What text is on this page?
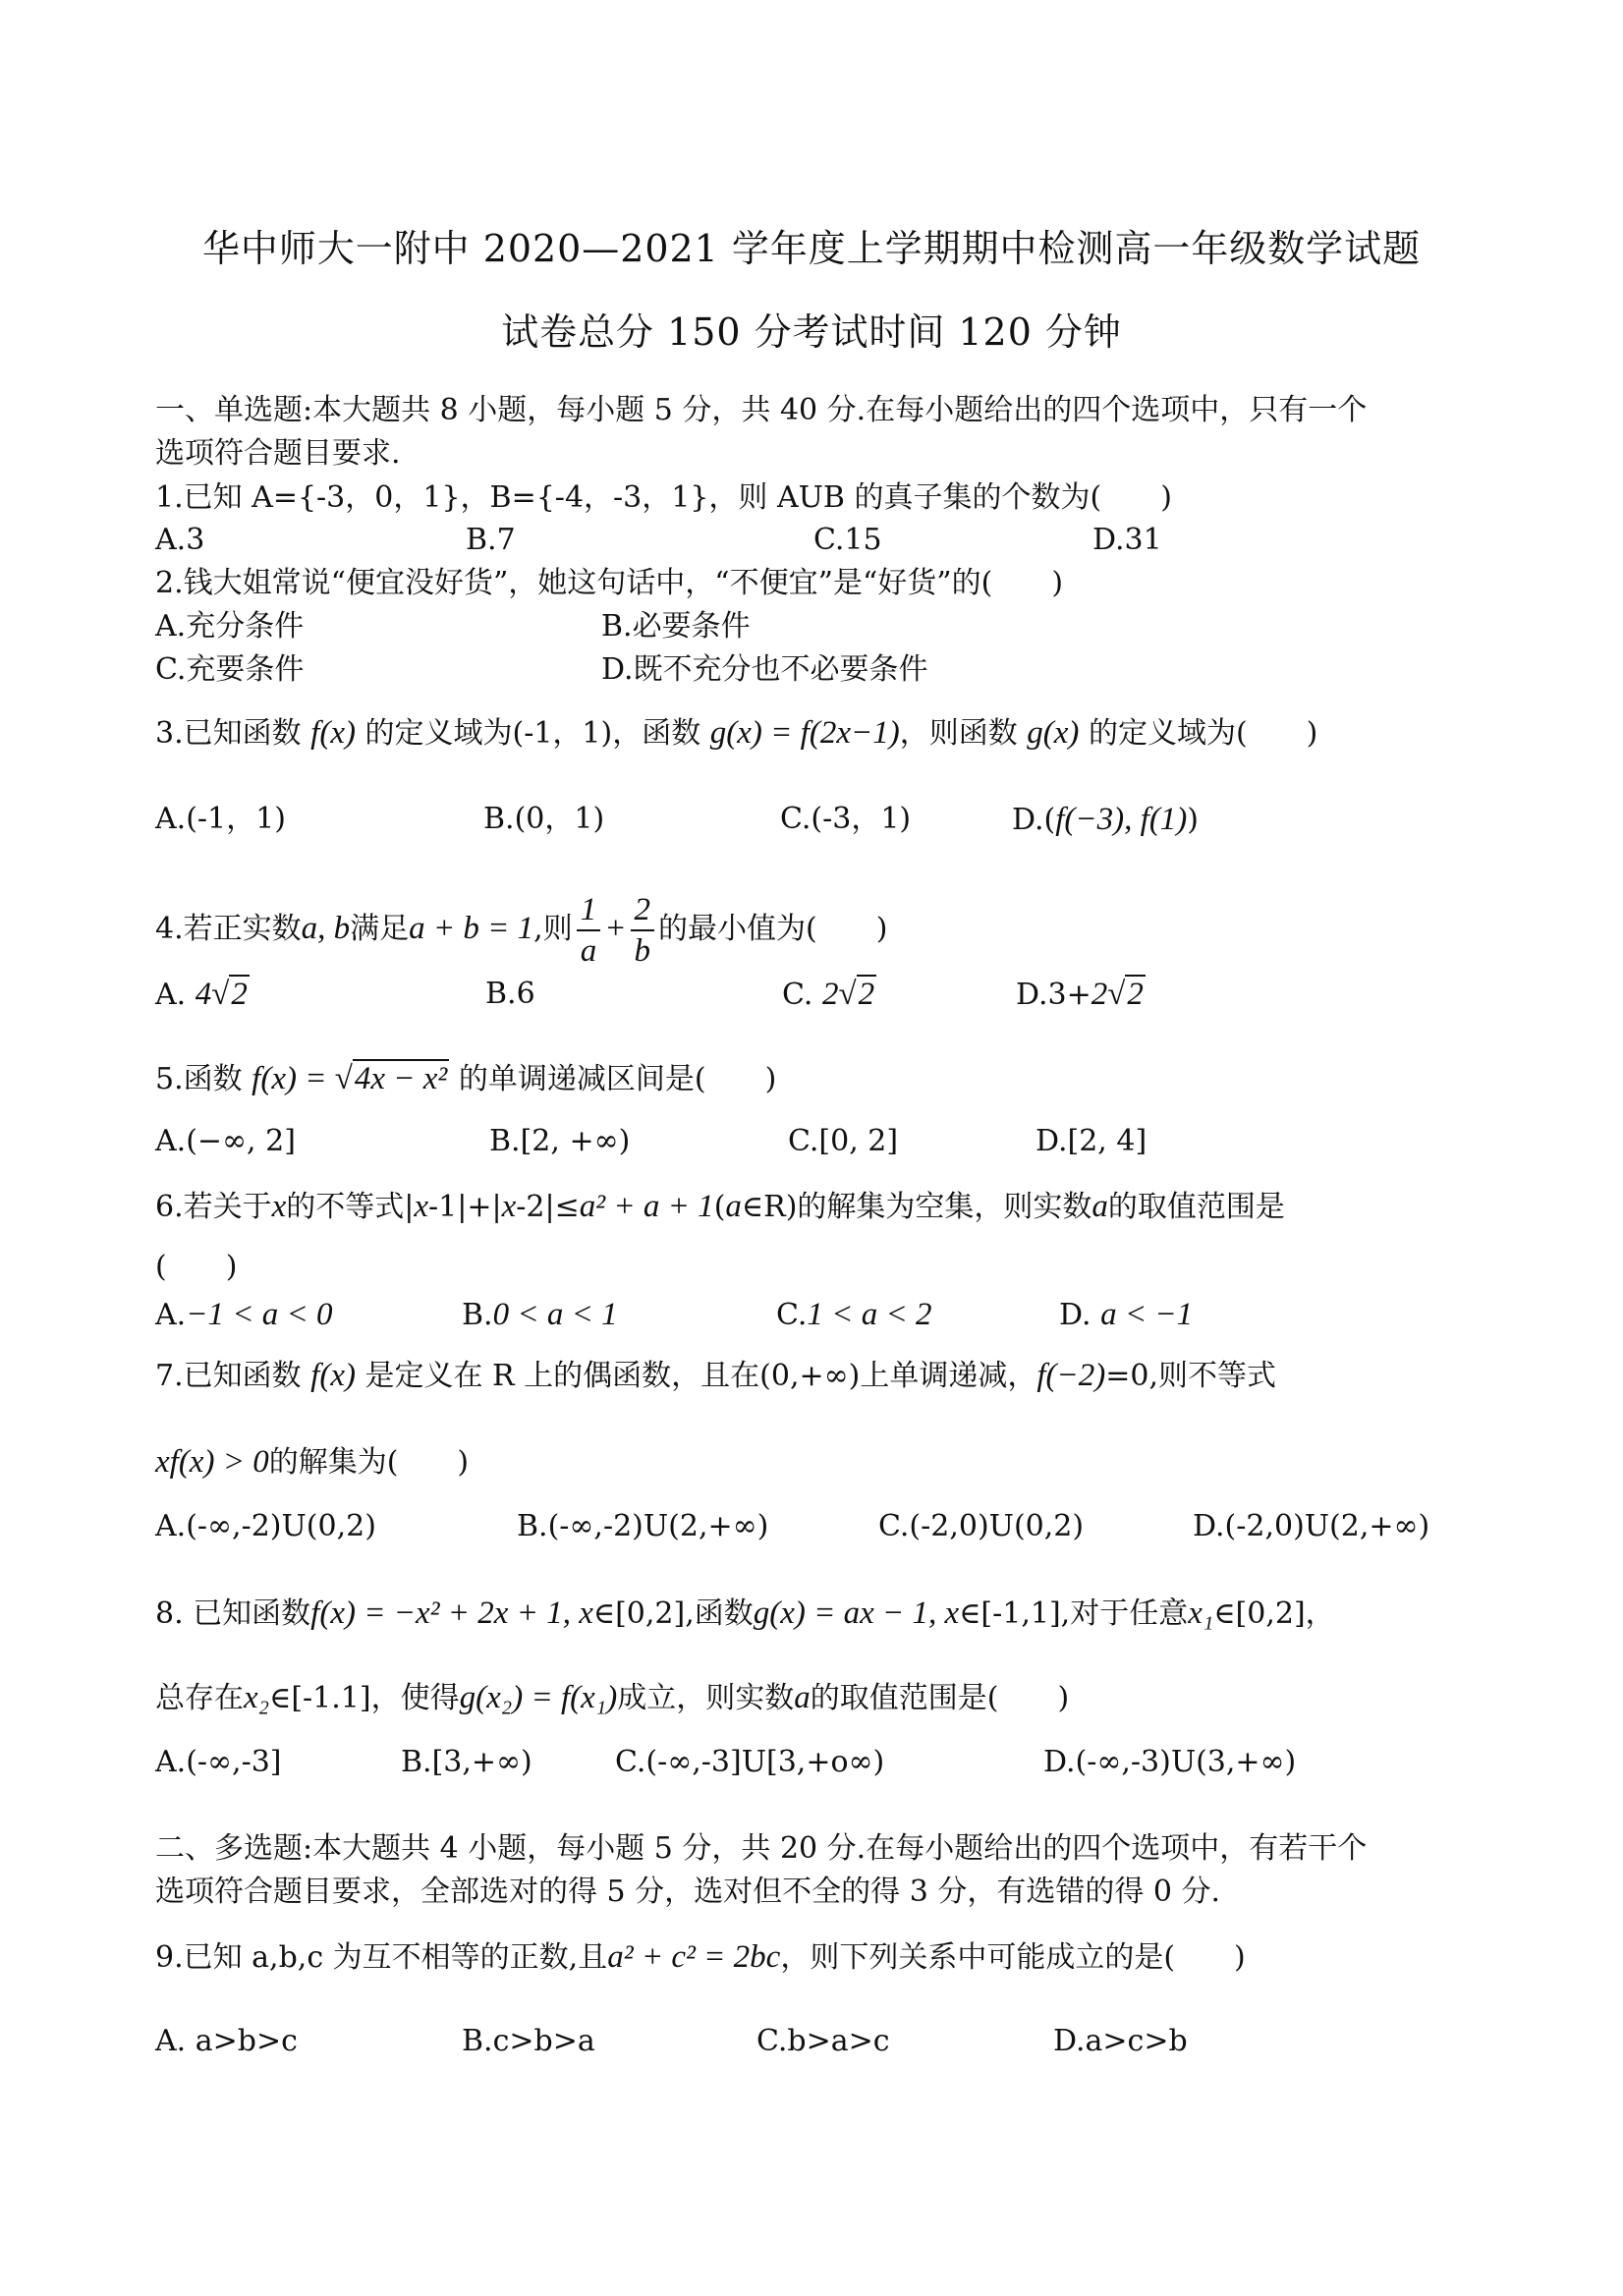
华中师大一附中 2020—2021 学年度上学期期中检测高一年级数学试题
试卷总分 150 分考试时间 120 分钟
一、单选题:本大题共 8 小题，每小题 5 分，共 40 分.在每小题给出的四个选项中，只有一个
选项符合题目要求.
1.已知 A={-3，0，1}，B={-4，-3，1}，则 AUB 的真子集的个数为(　　)
A.3	B.7	C.15	D.31
2.钱大姐常说“便宜没好货”，她这句话中，“不便宜”是“好货”的(　　)
A.充分条件	B.必要条件
C.充要条件	D.既不充分也不必要条件
3.已知函数 f(x) 的定义域为(-1，1)，函数 g(x) = f(2x−1)，则函数 g(x) 的定义域为(　　)
A.(-1，1)	B.(0，1)	C.(-3，1)	D.(f(−3), f(1))
4.若正实数a, b满足a + b = 1,则 $\frac{1}{a} + \frac{2}{b}$ 的最小值为(　　)
A. 4√2	B.6	C. 2√2	D.3+2√2
5.函数 f(x) = √4x − x² 的单调递减区间是(　　)
A.(−∞, 2]	B.[2, +∞)	C.[0, 2]	D.[2, 4]
6.若关于x的不等式|x-1|+|x-2|≤a² + a + 1(a∈R)的解集为空集，则实数a的取值范围是
(　　)
A.−1 < a < 0	B.0 < a < 1	C.1 < a < 2	D. a < −1
7.已知函数 f(x) 是定义在 R 上的偶函数，且在(0,+∞)上单调递减，f(−2)=0,则不等式
xf(x) > 0的解集为(　　)
A.(-∞,-2)U(0,2)	B.(-∞,-2)U(2,+∞)	C.(-2,0)U(0,2)	D.(-2,0)U(2,+∞)
8. 已知函数f(x) = −x² + 2x + 1, x∈[0,2],函数g(x) = ax − 1, x∈[-1,1],对于任意x₁∈[0,2]，
总存在x₂∈[-1.1]，使得g(x₂) = f(x₁)成立，则实数a的取值范围是(　　)
A.(-∞,-3]	B.[3,+∞)	C.(-∞,-3]U[3,+o∞)	D.(-∞,-3)U(3,+∞)
二、多选题:本大题共 4 小题，每小题 5 分，共 20 分.在每小题给出的四个选项中，有若干个
选项符合题目要求，全部选对的得 5 分，选对但不全的得 3 分，有选错的得 0 分.
9.已知 a,b,c 为互不相等的正数,且a² + c² = 2bc，则下列关系中可能成立的是(　　)
A. a>b>c	B.c>b>a	C.b>a>c	D.a>c>b
